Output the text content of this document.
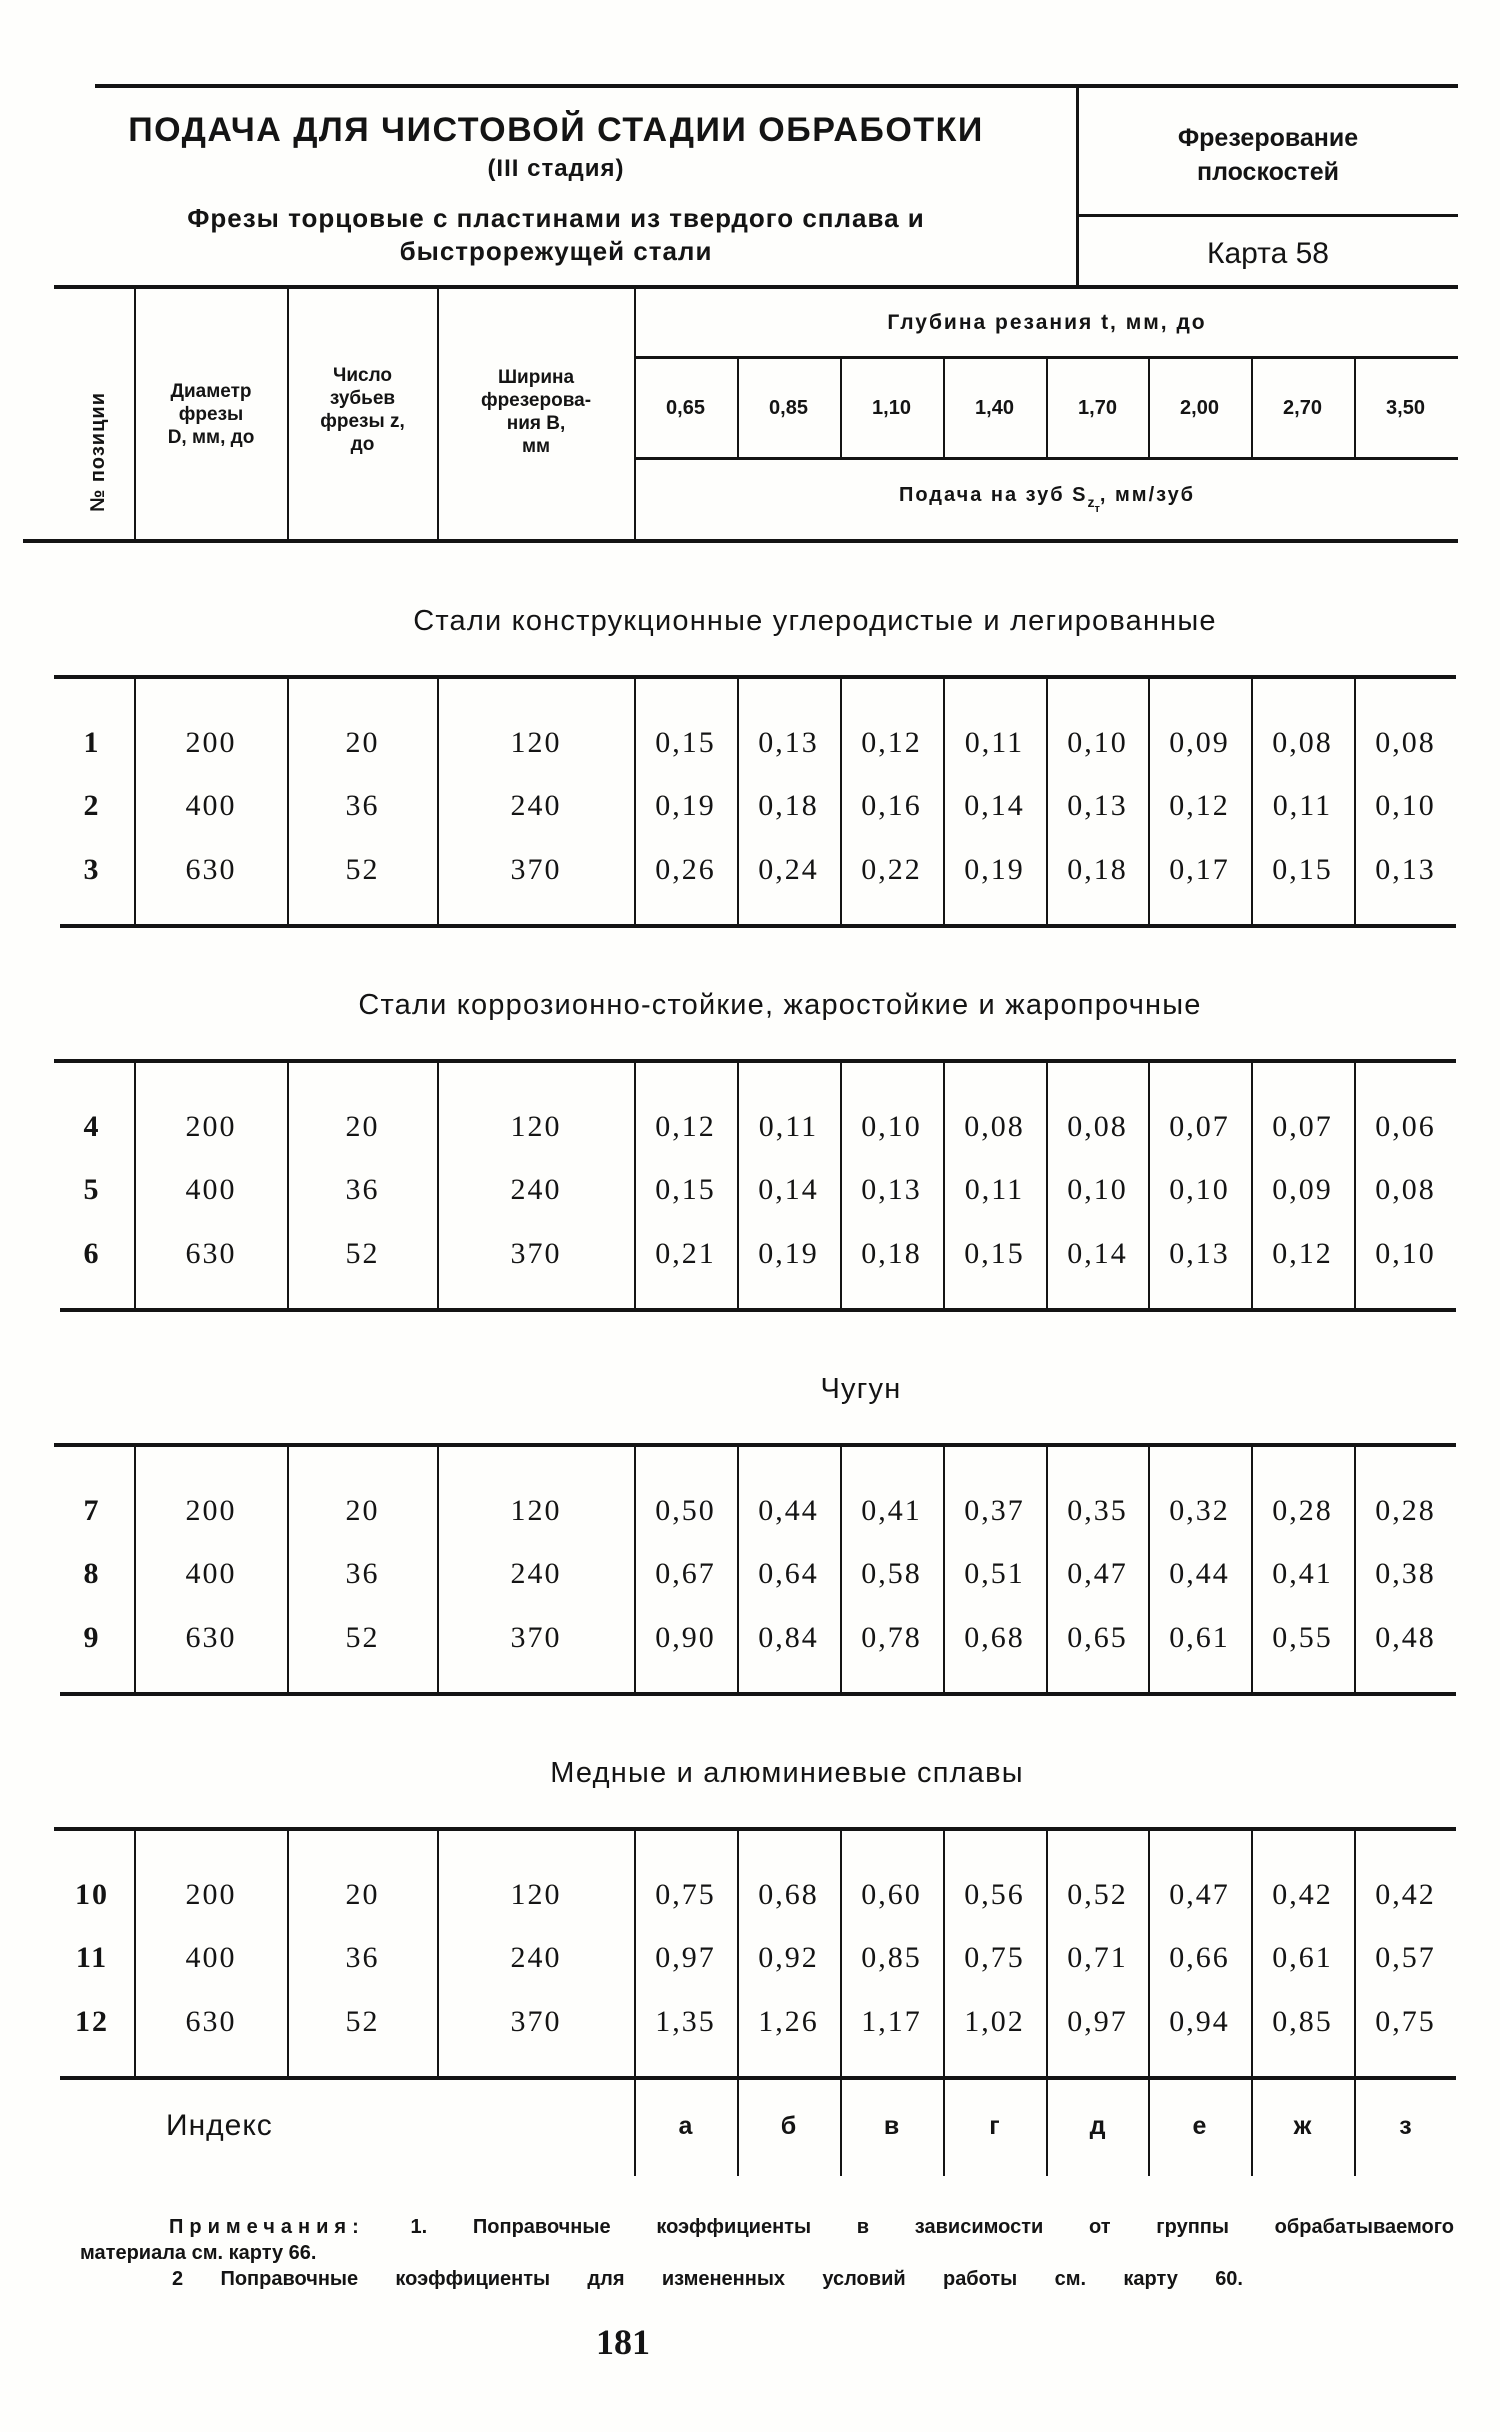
ПОДАЧА ДЛЯ ЧИСТОВОЙ СТАДИИ ОБРАБОТКИ
(III стадия)
Фрезы торцовые с пластинами из твердого сплава и
быстрорежущей стали
Фрезерование
плоскостей
Карта 58
№ позиции
Диаметр
фрезы
D, мм, до
Число
зубьев
фрезы z,
до
Ширина
фрезерова-
ния B,
мм
Глубина резания t, мм, до
0,65	0,85	1,10	1,40	1,70	2,00	2,70	3,50
Подача на зуб $S_{z_т}$, мм/зуб
Стали конструкционные углеродистые и легированные
1	200	20	120	0,15	0,13	0,12	0,11	0,10	0,09	0,08	0,08
2	400	36	240	0,19	0,18	0,16	0,14	0,13	0,12	0,11	0,10
3	630	52	370	0,26	0,24	0,22	0,19	0,18	0,17	0,15	0,13
Стали коррозионно-стойкие, жаростойкие и жаропрочные
4	200	20	120	0,12	0,11	0,10	0,08	0,08	0,07	0,07	0,06
5	400	36	240	0,15	0,14	0,13	0,11	0,10	0,10	0,09	0,08
6	630	52	370	0,21	0,19	0,18	0,15	0,14	0,13	0,12	0,10
Чугун
7	200	20	120	0,50	0,44	0,41	0,37	0,35	0,32	0,28	0,28
8	400	36	240	0,67	0,64	0,58	0,51	0,47	0,44	0,41	0,38
9	630	52	370	0,90	0,84	0,78	0,68	0,65	0,61	0,55	0,48
Медные и алюминиевые сплавы
10	200	20	120	0,75	0,68	0,60	0,56	0,52	0,47	0,42	0,42
11	400	36	240	0,97	0,92	0,85	0,75	0,71	0,66	0,61	0,57
12	630	52	370	1,35	1,26	1,17	1,02	0,97	0,94	0,85	0,75
Индекс	а	б	в	г	д	е	ж	з
Примечания: 1. Поправочные коэффициенты в зависимости от группы обрабатываемого
материала см. карту 66.
2 Поправочные коэффициенты для измененных условий работы см. карту 60.
181
